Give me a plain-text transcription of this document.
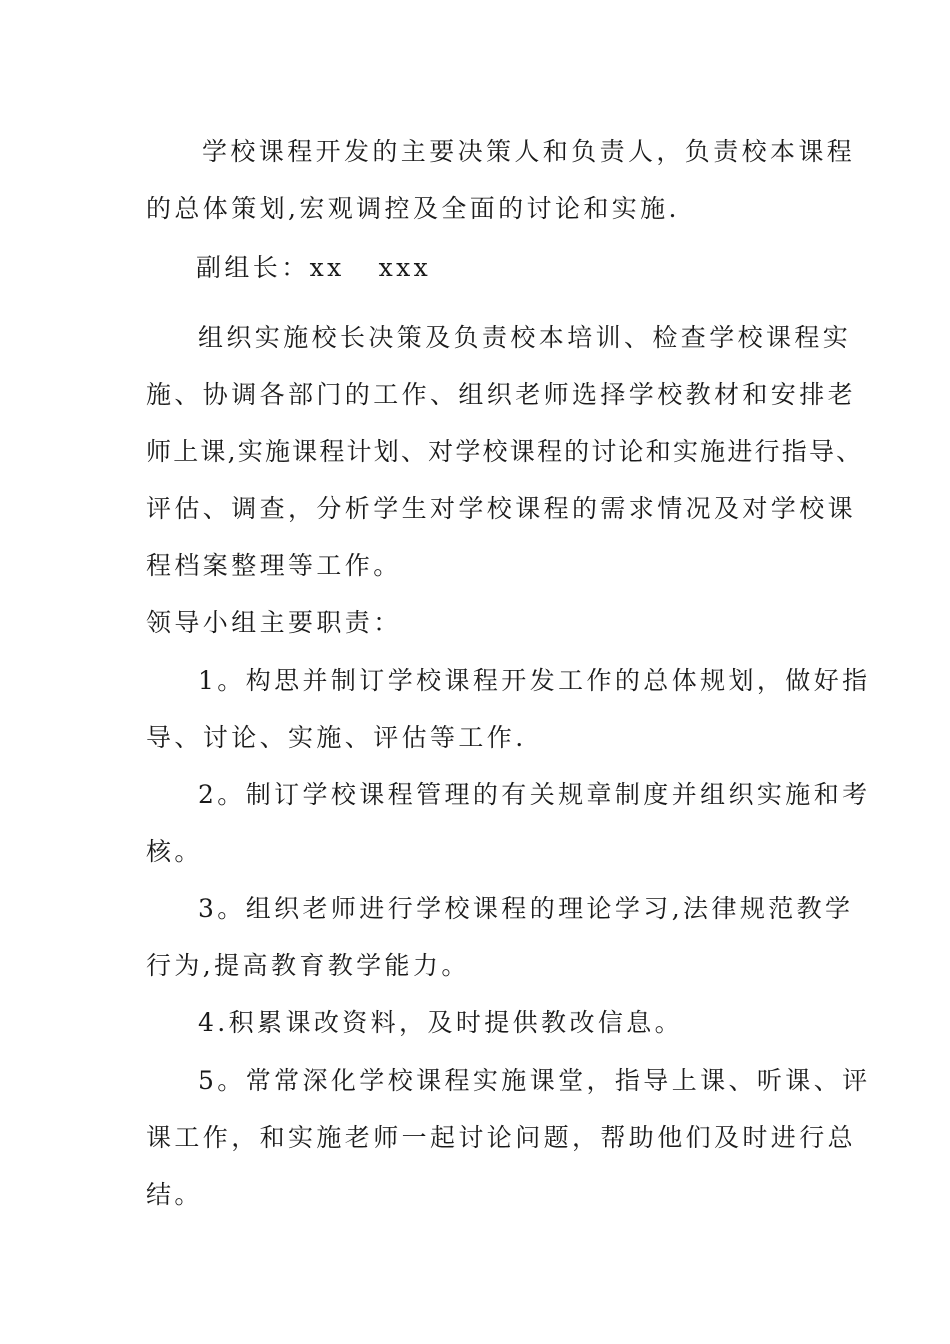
学校课程开发的主要决策人和负责人，负责校本课程
的总体策划,宏观调控及全面的讨论和实施.
副组长：xx   xxx
组织实施校长决策及负责校本培训、检查学校课程实
施、协调各部门的工作、组织老师选择学校教材和安排老
师上课,实施课程计划、对学校课程的讨论和实施进行指导、
评估、调查，分析学生对学校课程的需求情况及对学校课
程档案整理等工作。
领导小组主要职责：
1。构思并制订学校课程开发工作的总体规划，做好指
导、讨论、实施、评估等工作.
2。制订学校课程管理的有关规章制度并组织实施和考
核。
3。组织老师进行学校课程的理论学习,法律规范教学
行为,提高教育教学能力。
4.积累课改资料，及时提供教改信息。
5。常常深化学校课程实施课堂，指导上课、听课、评
课工作，和实施老师一起讨论问题，帮助他们及时进行总
结。
